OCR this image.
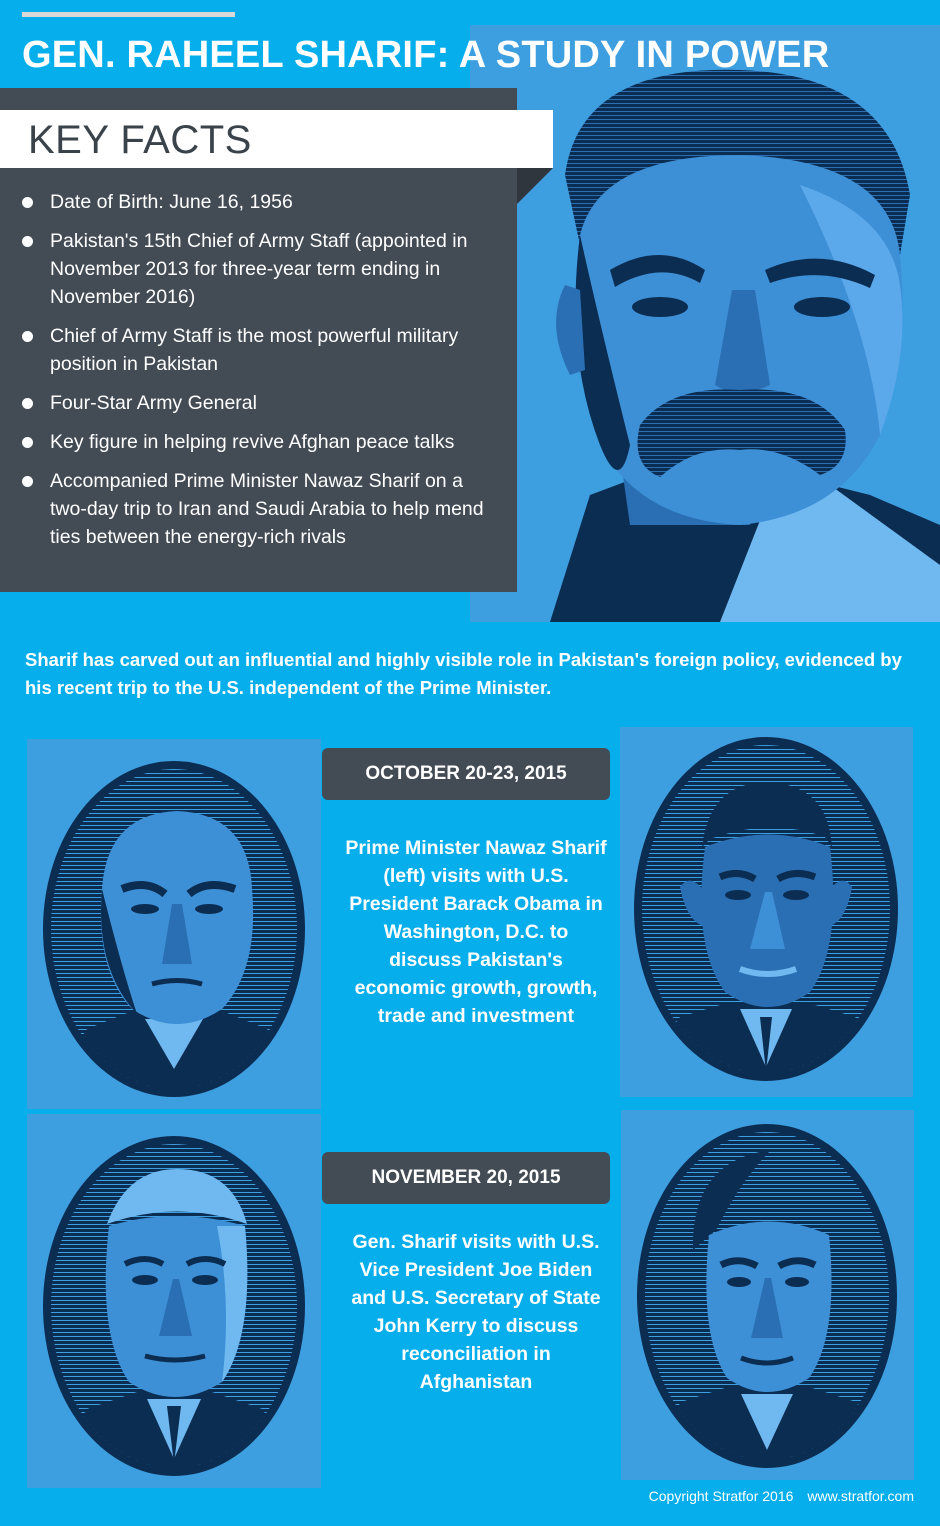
GEN. RAHEEL SHARIF: A STUDY IN POWER
KEY FACTS
Date of Birth: June 16, 1956
Pakistan's 15th Chief of Army Staff (appointed in November 2013 for three-year term ending in November 2016)
Chief of Army Staff is the most powerful military position in Pakistan
Four-Star Army General
Key figure in helping revive Afghan peace talks
Accompanied Prime Minister Nawaz Sharif on a two-day trip to Iran and Saudi Arabia to help mend ties between the energy-rich rivals

Sharif has carved out an influential and highly visible role in Pakistan's foreign policy, evidenced by his recent trip to the U.S. independent of the Prime Minister.

OCTOBER 20-23, 2015

Prime Minister Nawaz Sharif (left) visits with U.S. President Barack Obama in Washington, D.C. to discuss Pakistan's economic growth, growth, trade and investment

NOVEMBER 20, 2015

Gen. Sharif visits with U.S. Vice President Joe Biden and U.S. Secretary of State John Kerry to discuss reconciliation in Afghanistan

Copyright Stratfor 2016 www.stratfor.com
